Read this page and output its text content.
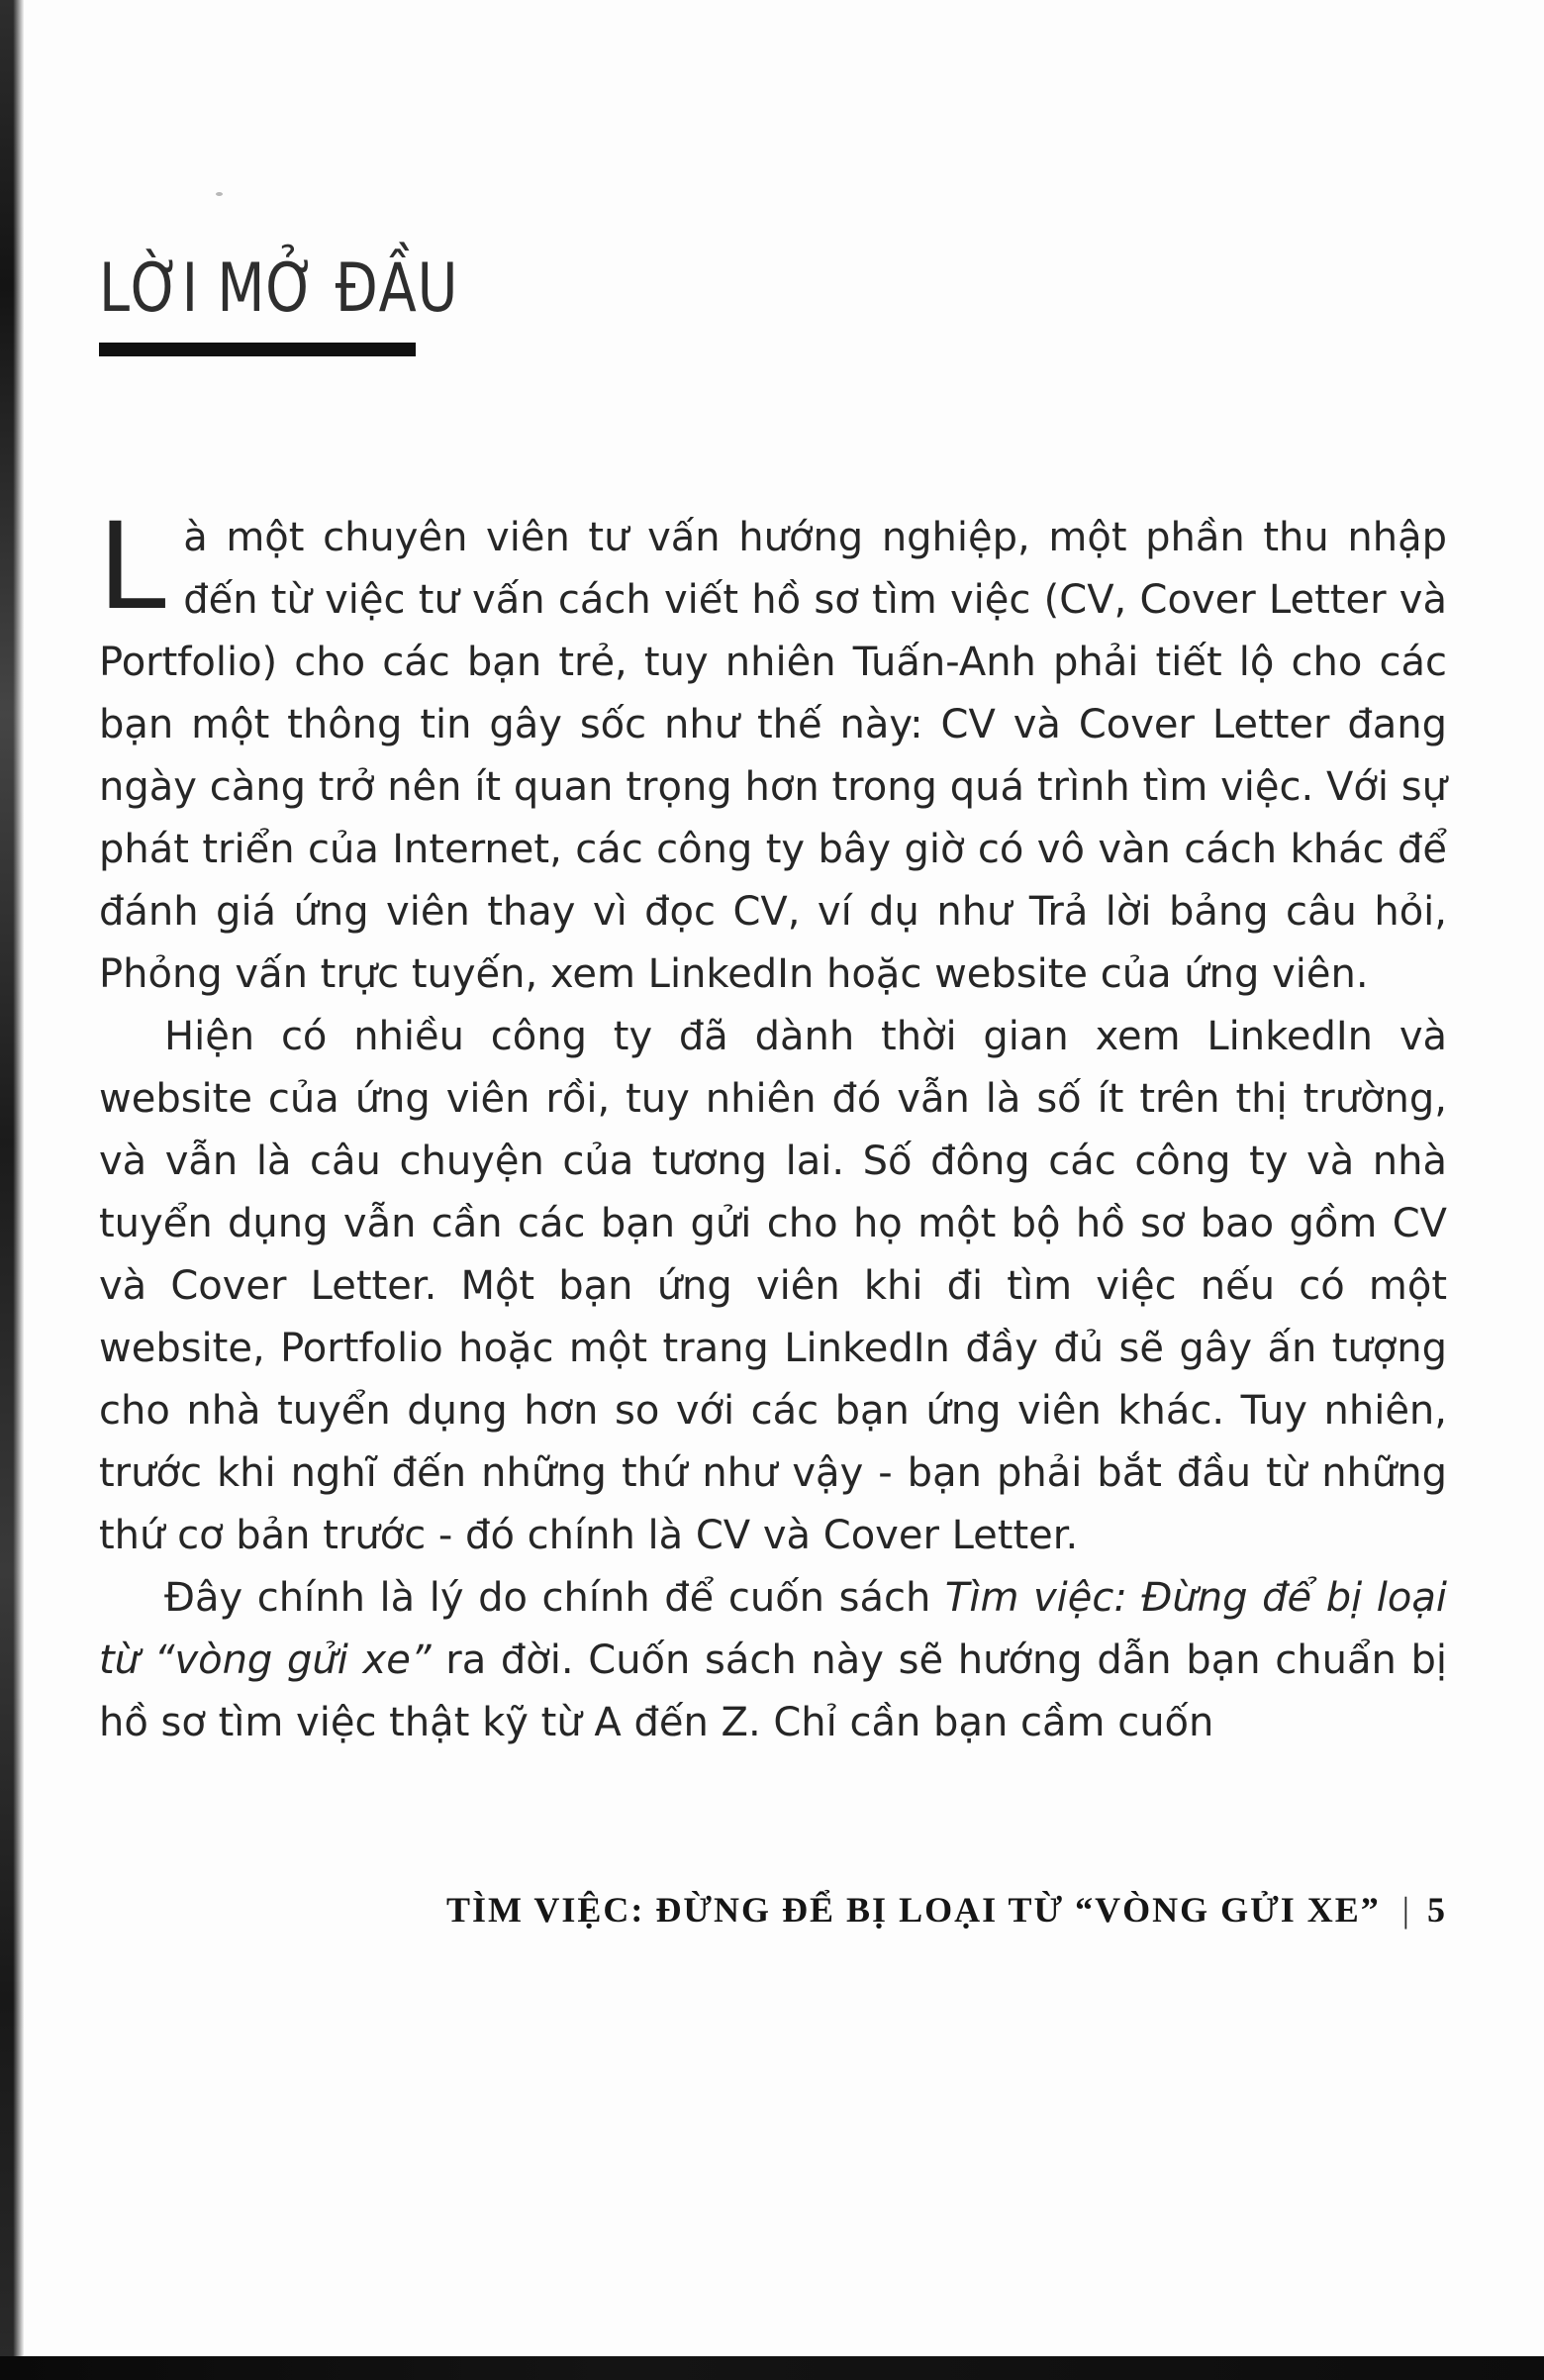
LỜI MỞ ĐẦU

Là một chuyên viên tư vấn hướng nghiệp, một phần thu nhập đến từ việc tư vấn cách viết hồ sơ tìm việc (CV, Cover Letter và Portfolio) cho các bạn trẻ, tuy nhiên Tuấn-Anh phải tiết lộ cho các bạn một thông tin gây sốc như thế này: CV và Cover Letter đang ngày càng trở nên ít quan trọng hơn trong quá trình tìm việc. Với sự phát triển của Internet, các công ty bây giờ có vô vàn cách khác để đánh giá ứng viên thay vì đọc CV, ví dụ như Trả lời bảng câu hỏi, Phỏng vấn trực tuyến, xem LinkedIn hoặc website của ứng viên.

Hiện có nhiều công ty đã dành thời gian xem LinkedIn và website của ứng viên rồi, tuy nhiên đó vẫn là số ít trên thị trường, và vẫn là câu chuyện của tương lai. Số đông các công ty và nhà tuyển dụng vẫn cần các bạn gửi cho họ một bộ hồ sơ bao gồm CV và Cover Letter. Một bạn ứng viên khi đi tìm việc nếu có một website, Portfolio hoặc một trang LinkedIn đầy đủ sẽ gây ấn tượng cho nhà tuyển dụng hơn so với các bạn ứng viên khác. Tuy nhiên, trước khi nghĩ đến những thứ như vậy - bạn phải bắt đầu từ những thứ cơ bản trước - đó chính là CV và Cover Letter.

Đây chính là lý do chính để cuốn sách Tìm việc: Đừng để bị loại từ “vòng gửi xe” ra đời. Cuốn sách này sẽ hướng dẫn bạn chuẩn bị hồ sơ tìm việc thật kỹ từ A đến Z. Chỉ cần bạn cầm cuốn

TÌM VIỆC: ĐỪNG ĐỂ BỊ LOẠI TỪ “VÒNG GỬI XE” | 5
